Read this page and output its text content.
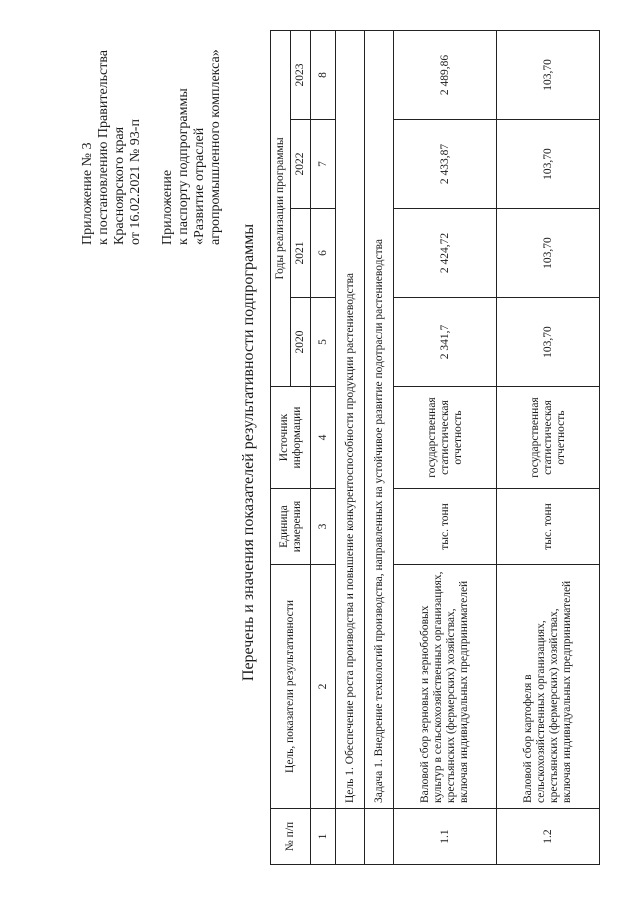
Приложение № 3 к постановлению Правительства Красноярского края от 16.02.2021 № 93-п Приложение к паспорту подпрограммы «Развитие отраслей агропромышленного комплекса»

Перечень и значения показателей результативности подпрограммы
№ п/п	Цель, показатели результативности	Единица измерения	Источник информации	Годы реализации программы			
				2020	2021	2022	2023
1	2	3	4	5	6	7	8
	Цель 1. Обеспечение роста производства и повышение конкурентоспособности продукции растениеводства						
	Задача 1. Внедрение технологий производства, направленных на устойчивое развитие подотрасли растениеводства						
1.1	Валовой сбор зерновых и зернобобовых культур в сельскохозяйственных организациях, крестьянских (фермерских) хозяйствах, включая индивидуальных предпринимателей	тыс. тонн	государственная статистическая отчетность	2 341,7	2 424,72	2 433,87	2 489,86
1.2	Валовой сбор картофеля в сельскохозяйственных организациях, крестьянских (фермерских) хозяйствах, включая индивидуальных предпринимателей	тыс. тонн	государственная статистическая отчетность	103,70	103,70	103,70	103,70
